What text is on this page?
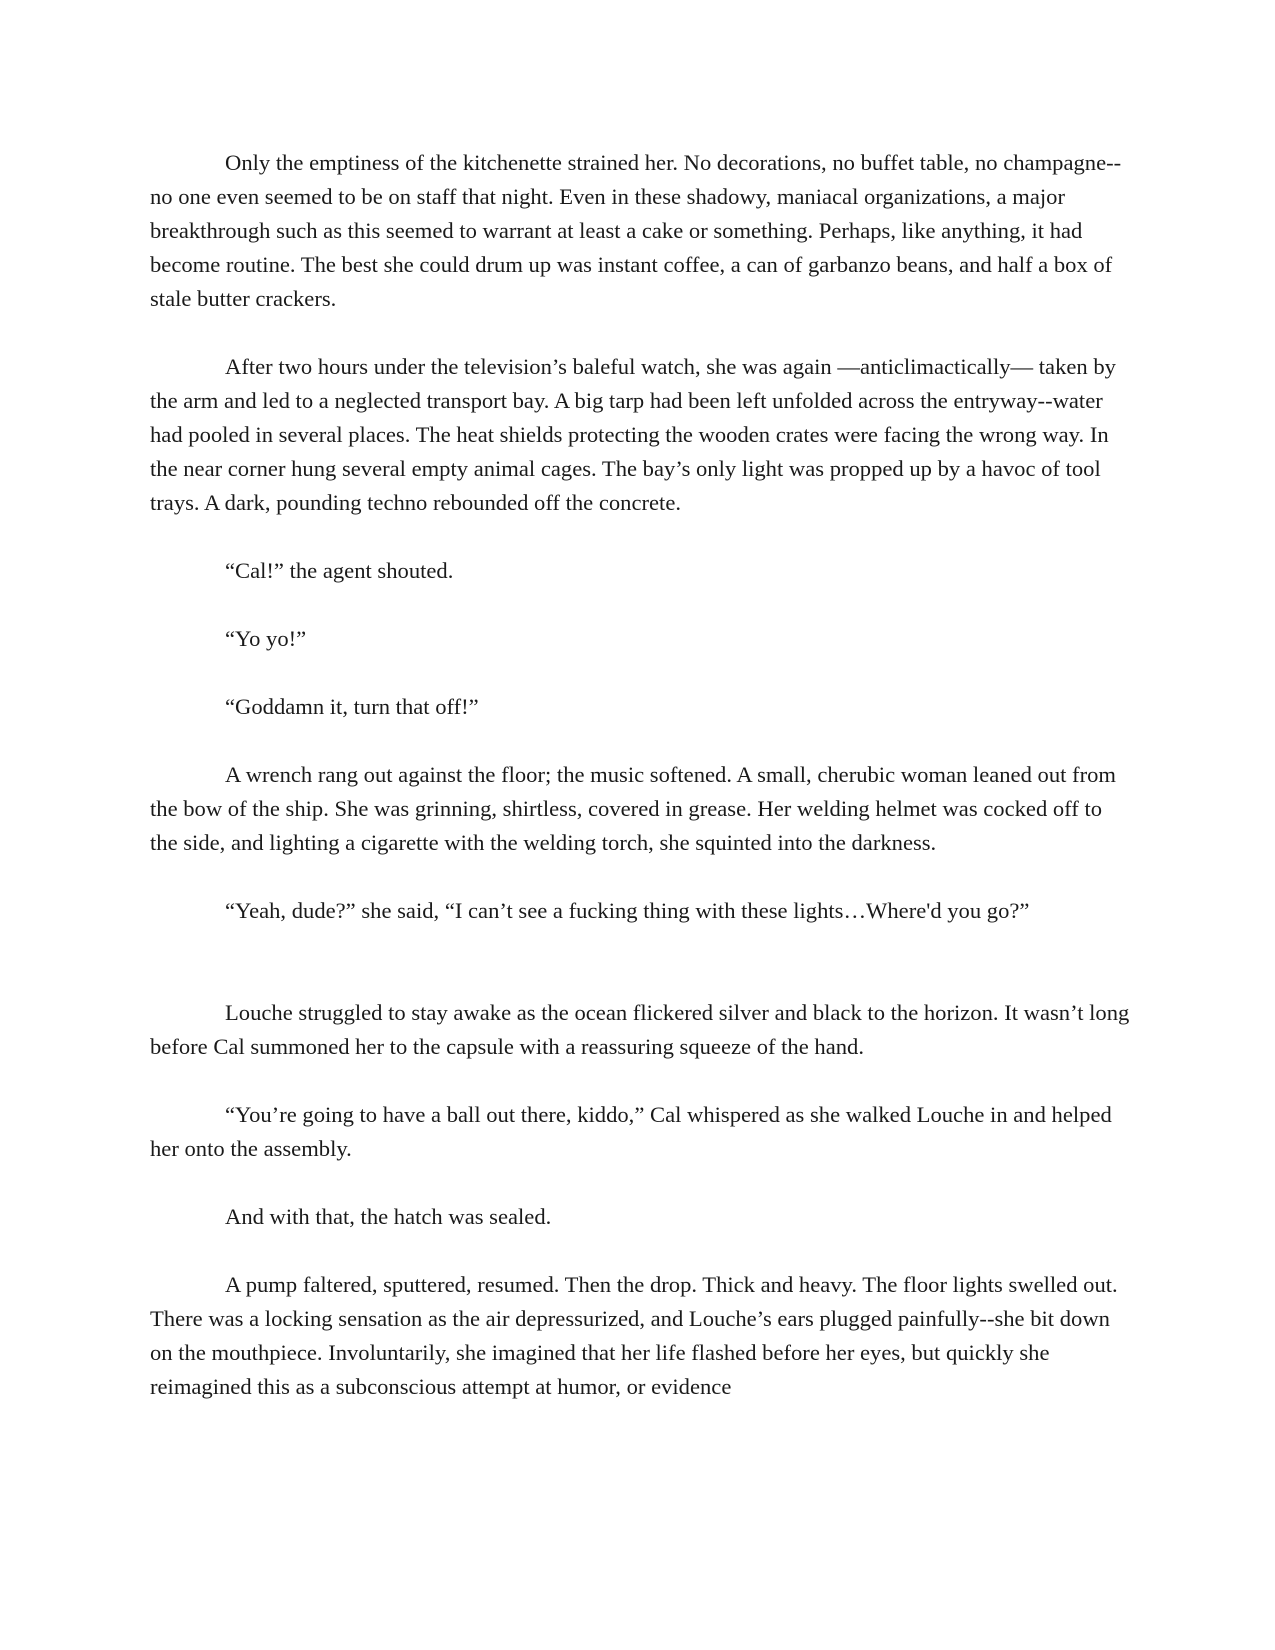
Only the emptiness of the kitchenette strained her. No decorations, no buffet table, no champagne--no one even seemed to be on staff that night. Even in these shadowy, maniacal organizations, a major breakthrough such as this seemed to warrant at least a cake or something. Perhaps, like anything, it had become routine. The best she could drum up was instant coffee, a can of garbanzo beans, and half a box of stale butter crackers.

After two hours under the television’s baleful watch, she was again —anticlimactically— taken by the arm and led to a neglected transport bay. A big tarp had been left unfolded across the entryway--water had pooled in several places. The heat shields protecting the wooden crates were facing the wrong way. In the near corner hung several empty animal cages. The bay’s only light was propped up by a havoc of tool trays. A dark, pounding techno rebounded off the concrete.

“Cal!” the agent shouted.

“Yo yo!”

“Goddamn it, turn that off!”

A wrench rang out against the floor; the music softened. A small, cherubic woman leaned out from the bow of the ship. She was grinning, shirtless, covered in grease. Her welding helmet was cocked off to the side, and lighting a cigarette with the welding torch, she squinted into the darkness.

“Yeah, dude?” she said, “I can’t see a fucking thing with these lights…Where'd you go?”

Louche struggled to stay awake as the ocean flickered silver and black to the horizon. It wasn’t long before Cal summoned her to the capsule with a reassuring squeeze of the hand.

“You’re going to have a ball out there, kiddo,” Cal whispered as she walked Louche in and helped her onto the assembly.

And with that, the hatch was sealed.

A pump faltered, sputtered, resumed. Then the drop. Thick and heavy. The floor lights swelled out. There was a locking sensation as the air depressurized, and Louche’s ears plugged painfully--she bit down on the mouthpiece. Involuntarily, she imagined that her life flashed before her eyes, but quickly she reimagined this as a subconscious attempt at humor, or evidence
